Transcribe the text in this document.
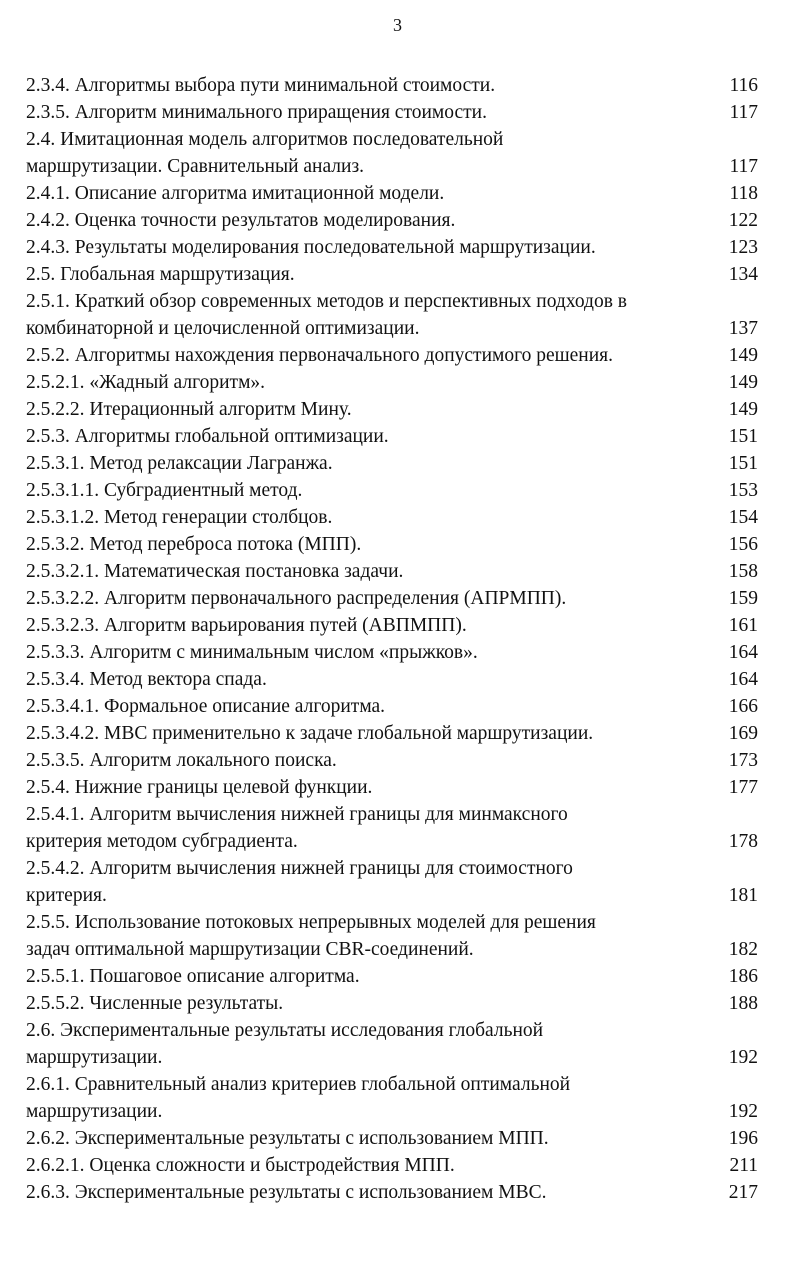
3
2.3.4. Алгоритмы выбора пути минимальной стоимости.	116
2.3.5. Алгоритм минимального приращения стоимости.	117
2.4. Имитационная модель алгоритмов последовательной
маршрутизации. Сравнительный анализ.	117
2.4.1. Описание алгоритма имитационной модели.	118
2.4.2. Оценка точности результатов моделирования.	122
2.4.3. Результаты моделирования последовательной маршрутизации.	123
2.5. Глобальная маршрутизация.	134
2.5.1. Краткий обзор современных методов и перспективных подходов в
комбинаторной и целочисленной оптимизации.	137
2.5.2. Алгоритмы нахождения первоначального допустимого решения.	149
2.5.2.1. «Жадный алгоритм».	149
2.5.2.2. Итерационный алгоритм Мину.	149
2.5.3. Алгоритмы глобальной оптимизации.	151
2.5.3.1. Метод релаксации Лагранжа.	151
2.5.3.1.1. Субградиентный метод.	153
2.5.3.1.2. Метод генерации столбцов.	154
2.5.3.2. Метод переброса потока (МПП).	156
2.5.3.2.1. Математическая постановка задачи.	158
2.5.3.2.2. Алгоритм первоначального распределения (АПРМПП).	159
2.5.3.2.3. Алгоритм варьирования путей (АВПМПП).	161
2.5.3.3. Алгоритм с минимальным числом «прыжков».	164
2.5.3.4. Метод вектора спада.	164
2.5.3.4.1. Формальное описание алгоритма.	166
2.5.3.4.2. МВС применительно к задаче глобальной маршрутизации.	169
2.5.3.5. Алгоритм локального поиска.	173
2.5.4. Нижние границы целевой функции.	177
2.5.4.1. Алгоритм вычисления нижней границы для минмаксного
критерия методом субградиента.	178
2.5.4.2. Алгоритм вычисления нижней границы для стоимостного
критерия.	181
2.5.5. Использование потоковых непрерывных моделей для решения
задач оптимальной маршрутизации CBR-соединений.	182
2.5.5.1. Пошаговое описание алгоритма.	186
2.5.5.2. Численные результаты.	188
2.6. Экспериментальные результаты исследования глобальной
маршрутизации.	192
2.6.1. Сравнительный анализ критериев глобальной оптимальной
маршрутизации.	192
2.6.2. Экспериментальные результаты с использованием МПП.	196
2.6.2.1. Оценка сложности и быстродействия МПП.	211
2.6.3. Экспериментальные результаты с использованием МВС.	217
